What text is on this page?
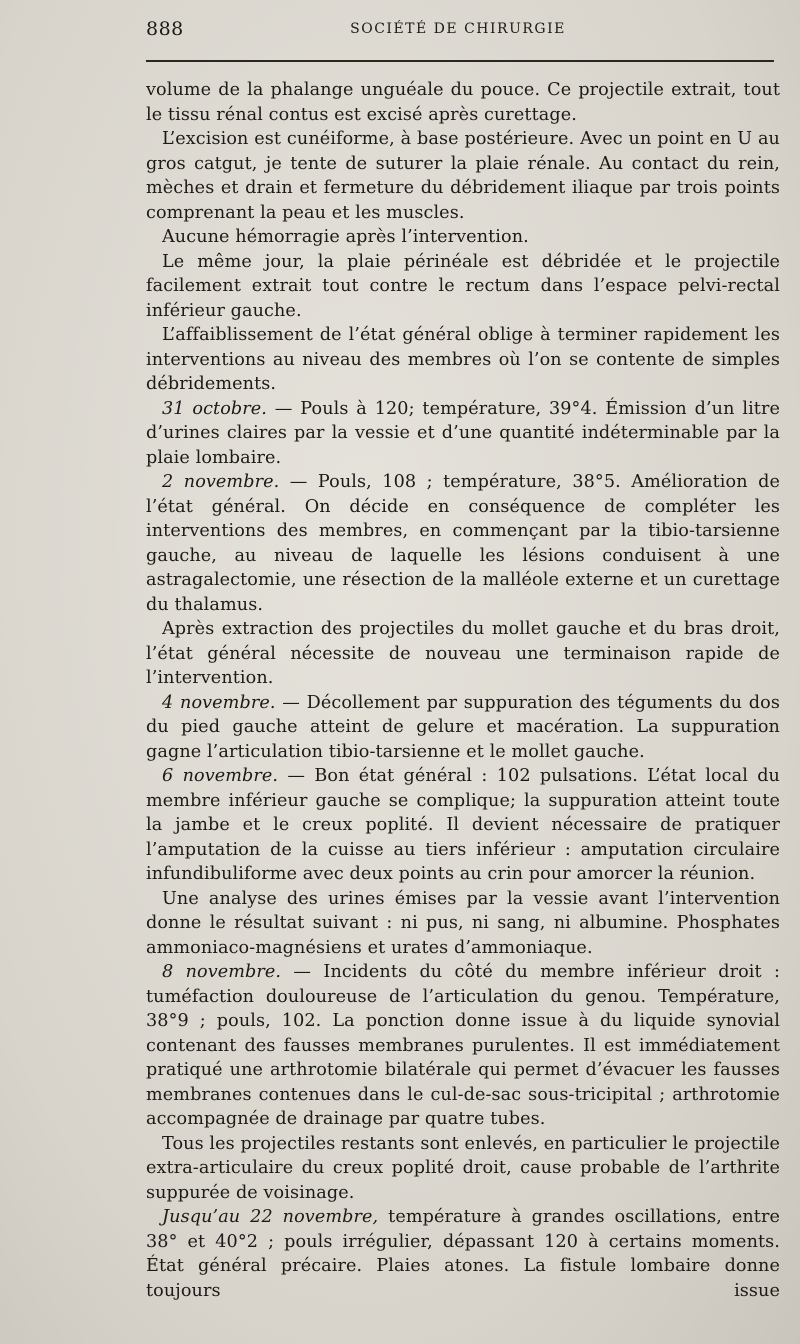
888	SOCIÉTÉ DE CHIRURGIE

volume de la phalange unguéale du pouce. Ce projectile extrait, tout le tissu rénal contus est excisé après curettage.

L’excision est cunéiforme, à base postérieure. Avec un point en U au gros catgut, je tente de suturer la plaie rénale. Au contact du rein, mèches et drain et fermeture du débridement iliaque par trois points comprenant la peau et les muscles.

Aucune hémorragie après l’intervention.

Le même jour, la plaie périnéale est débridée et le projectile facilement extrait tout contre le rectum dans l’espace pelvi-rectal inférieur gauche.

L’affaiblissement de l’état général oblige à terminer rapidement les interventions au niveau des membres où l’on se contente de simples débridements.

31 octobre. — Pouls à 120; température, 39°4. Émission d’un litre d’urines claires par la vessie et d’une quantité indéterminable par la plaie lombaire.

2 novembre. — Pouls, 108 ; température, 38°5. Amélioration de l’état général. On décide en conséquence de compléter les interventions des membres, en commençant par la tibio-tarsienne gauche, au niveau de laquelle les lésions conduisent à une astragalectomie, une résection de la malléole externe et un curettage du thalamus.

Après extraction des projectiles du mollet gauche et du bras droit, l’état général nécessite de nouveau une terminaison rapide de l’intervention.

4 novembre. — Décollement par suppuration des téguments du dos du pied gauche atteint de gelure et macération. La suppuration gagne l’articulation tibio-tarsienne et le mollet gauche.

6 novembre. — Bon état général : 102 pulsations. L’état local du membre inférieur gauche se complique; la suppuration atteint toute la jambe et le creux poplité. Il devient nécessaire de pratiquer l’amputation de la cuisse au tiers inférieur : amputation circulaire infundibuliforme avec deux points au crin pour amorcer la réunion.

Une analyse des urines émises par la vessie avant l’intervention donne le résultat suivant : ni pus, ni sang, ni albumine. Phosphates ammoniaco-magnésiens et urates d’ammoniaque.

8 novembre. — Incidents du côté du membre inférieur droit : tuméfaction douloureuse de l’articulation du genou. Température, 38°9 ; pouls, 102. La ponction donne issue à du liquide synovial contenant des fausses membranes purulentes. Il est immédiatement pratiqué une arthrotomie bilatérale qui permet d’évacuer les fausses membranes contenues dans le cul-de-sac sous-tricipital ; arthrotomie accompagnée de drainage par quatre tubes.

Tous les projectiles restants sont enlevés, en particulier le projectile extra-articulaire du creux poplité droit, cause probable de l’arthrite suppurée de voisinage.

Jusqu’au 22 novembre, température à grandes oscillations, entre 38° et 40°2 ; pouls irrégulier, dépassant 120 à certains moments. État général précaire. Plaies atones. La fistule lombaire donne toujours issue
